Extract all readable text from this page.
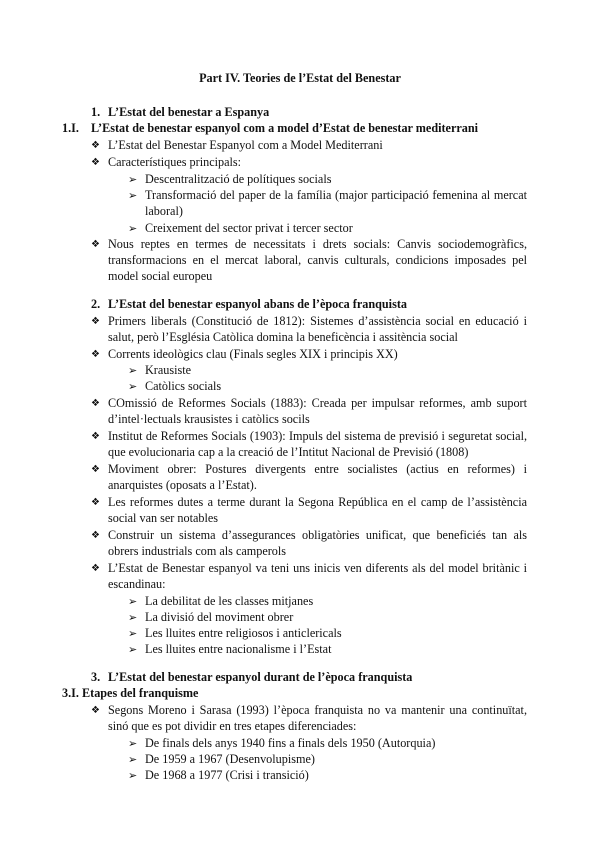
Part IV. Teories de l’Estat del Benestar
1. L’Estat del benestar a Espanya
1.I. L’Estat de benestar espanyol com a model d’Estat de benestar mediterrani
❖ L’Estat del Benestar Espanyol com a Model Mediterrani
❖ Característiques principals:
➢ Descentralització de polítiques socials
➢ Transformació del paper de la família (major participació femenina al mercat
laboral)
➢ Creixement del sector privat i tercer sector
❖ Nous reptes en termes de necessitats i drets socials: Canvis sociodemogràfics,
transformacions en el mercat laboral, canvis culturals, condicions imposades pel
model social europeu
2. L’Estat del benestar espanyol abans de l’època franquista
❖ Primers liberals (Constitució de 1812): Sistemes d’assistència social en educació i
salut, però l’Església Catòlica domina la beneficència i assitència social
❖ Corrents ideològics clau (Finals segles XIX i principis XX)
➢ Krausiste
➢ Catòlics socials
❖ COmissió de Reformes Socials (1883): Creada per impulsar reformes, amb suport
d’intel·lectuals krausistes i catòlics socils
❖ Institut de Reformes Socials (1903): Impuls del sistema de previsió i seguretat social,
que evolucionaria cap a la creació de l’Intitut Nacional de Previsió (1808)
❖ Moviment obrer: Postures divergents entre socialistes (actius en reformes) i
anarquistes (oposats a l’Estat).
❖ Les reformes dutes a terme durant la Segona República en el camp de l’assistència
social van ser notables
❖ Construir un sistema d’assegurances obligatòries unificat, que beneficiés tan als
obrers industrials com als camperols
❖ L’Estat de Benestar espanyol va teni uns inicis ven diferents als del model britànic i
escandinau:
➢ La debilitat de les classes mitjanes
➢ La divisió del moviment obrer
➢ Les lluites entre religiosos i anticlericals
➢ Les lluites entre nacionalisme i l’Estat
3. L’Estat del benestar espanyol durant de l’època franquista
3.I. Etapes del franquisme
❖ Segons Moreno i Sarasa (1993) l’època franquista no va mantenir una continuïtat,
sinó que es pot dividir en tres etapes diferenciades:
➢ De finals dels anys 1940 fins a finals dels 1950 (Autorquia)
➢ De 1959 a 1967 (Desenvolupisme)
➢ De 1968 a 1977 (Crisi i transició)
